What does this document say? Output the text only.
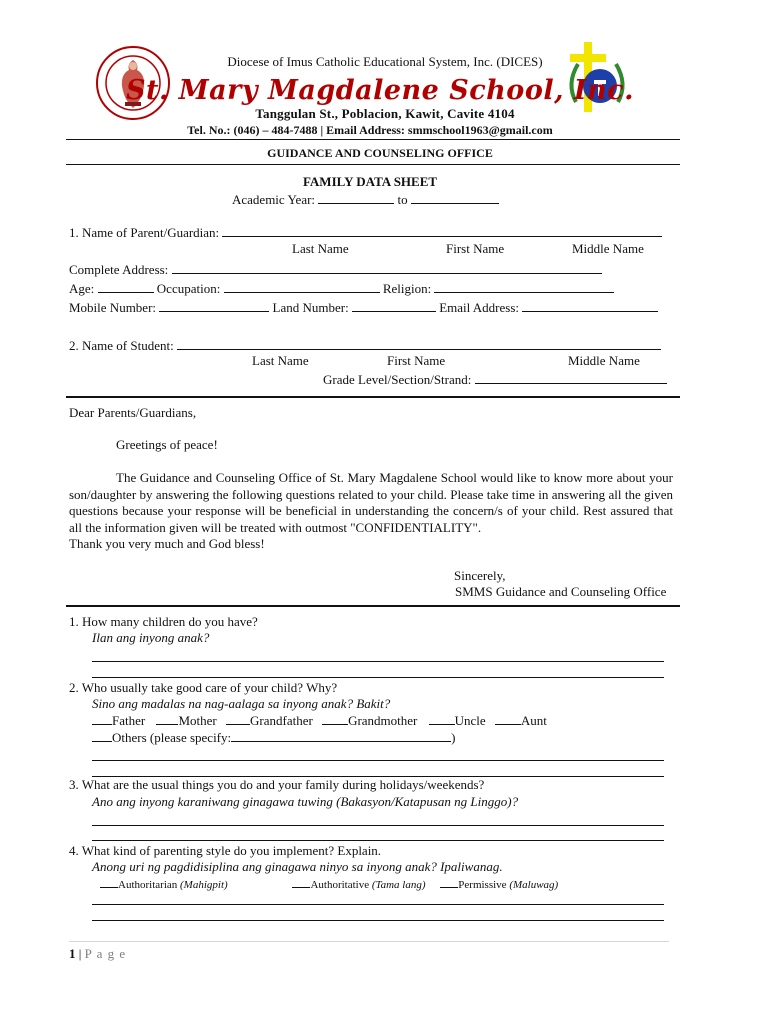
Diocese of Imus Catholic Educational System, Inc. (DICES)
St. Mary Magdalene School, Inc.
Tanggulan St., Poblacion, Kawit, Cavite 4104
Tel. No.: (046) – 484-7488 | Email Address: smmschool1963@gmail.com
GUIDANCE AND COUNSELING OFFICE
FAMILY DATA SHEET
Academic Year:	to
1. Name of Parent/Guardian:
Last Name	First Name	Middle Name
Complete Address:
Age:	Occupation:	Religion:
Mobile Number:	Land Number:	Email Address:
2. Name of Student:
Last Name	First Name	Middle Name
Grade Level/Section/Strand:
Dear Parents/Guardians,
Greetings of peace!
The Guidance and Counseling Office of St. Mary Magdalene School would like to know more about your son/daughter by answering the following questions related to your child. Please take time in answering all the given questions because your response will be beneficial in understanding the concern/s of your child. Rest assured that all the information given will be treated with outmost "CONFIDENTIALITY".
Thank you very much and God bless!
Sincerely,
SMMS Guidance and Counseling Office
1. How many children do you have?
Ilan ang inyong anak?
2. Who usually take good care of your child? Why?
Sino ang madalas na nag-aalaga sa inyong anak? Bakit?
Father	Mother	Grandfather	Grandmother	Uncle	Aunt
Others (please specify:	)
3. What are the usual things you do and your family during holidays/weekends?
Ano ang inyong karaniwang ginagawa tuwing (Bakasyon/Katapusan ng Linggo)?
4. What kind of parenting style do you implement? Explain.
Anong uri ng pagdidisiplina ang ginagawa ninyo sa inyong anak? Ipaliwanag.
Authoritarian (Mahigpit)	Authoritative (Tama lang)	Permissive (Maluwag)
1 | P a g e
